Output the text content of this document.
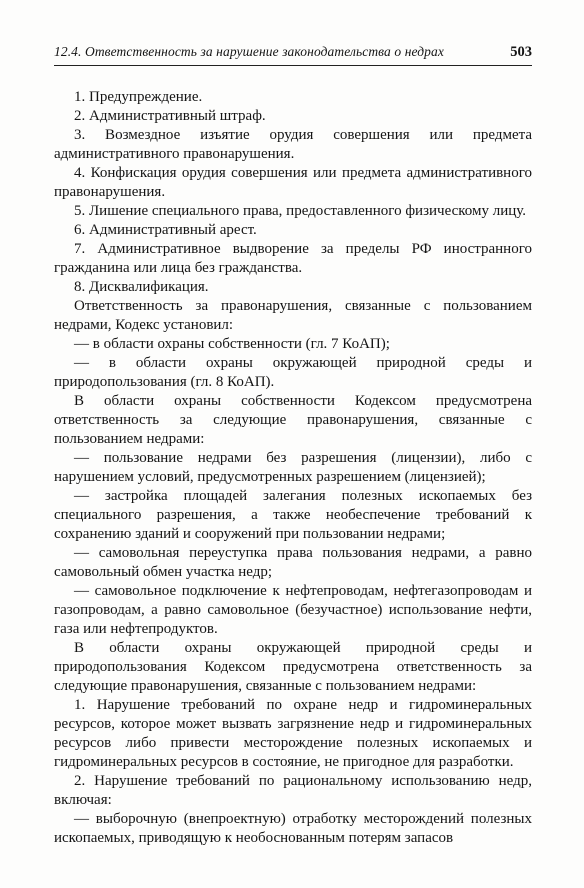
12.4. Ответственность за нарушение законодательства о недрах	503

1. Предупреждение.

2. Административный штраф.

3. Возмездное изъятие орудия совершения или предмета административного правонарушения.

4. Конфискация орудия совершения или предмета административного правонарушения.

5. Лишение специального права, предоставленного физическому лицу.

6. Административный арест.

7. Административное выдворение за пределы РФ иностранного гражданина или лица без гражданства.

8. Дисквалификация.

Ответственность за правонарушения, связанные с пользованием недрами, Кодекс установил:

— в области охраны собственности (гл. 7 КоАП);

— в области охраны окружающей природной среды и природопользования (гл. 8 КоАП).

В области охраны собственности Кодексом предусмотрена ответственность за следующие правонарушения, связанные с пользованием недрами:

— пользование недрами без разрешения (лицензии), либо с нарушением условий, предусмотренных разрешением (лицензией);

— застройка площадей залегания полезных ископаемых без специального разрешения, а также необеспечение требований к сохранению зданий и сооружений при пользовании недрами;

— самовольная переуступка права пользования недрами, а равно самовольный обмен участка недр;

— самовольное подключение к нефтепроводам, нефтегазопроводам и газопроводам, а равно самовольное (безучастное) использование нефти, газа или нефтепродуктов.

В области охраны окружающей природной среды и природопользования Кодексом предусмотрена ответственность за следующие правонарушения, связанные с пользованием недрами:

1. Нарушение требований по охране недр и гидроминеральных ресурсов, которое может вызвать загрязнение недр и гидроминеральных ресурсов либо привести месторождение полезных ископаемых и гидроминеральных ресурсов в состояние, не пригодное для разработки.

2. Нарушение требований по рациональному использованию недр, включая:

— выборочную (внепроектную) отработку месторождений полезных ископаемых, приводящую к необоснованным потерям запасов
